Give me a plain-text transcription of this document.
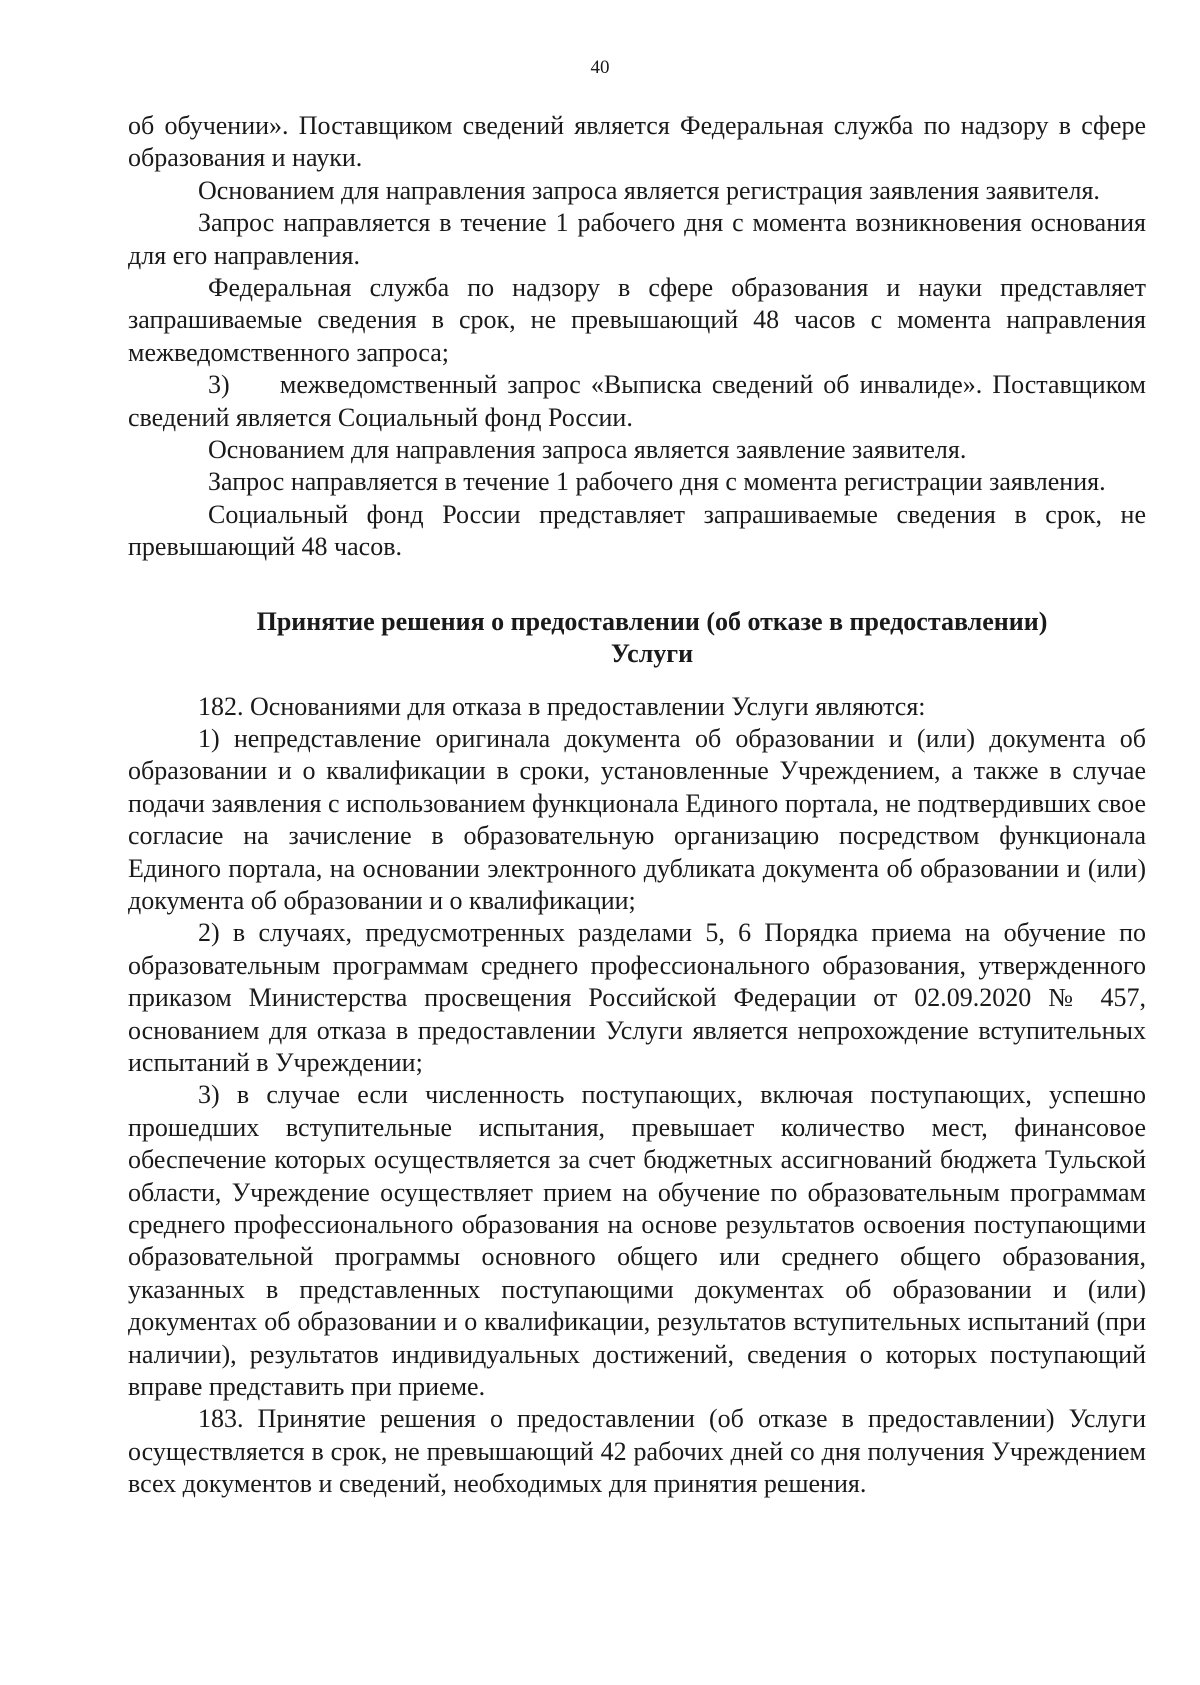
40

об обучении». Поставщиком сведений является Федеральная служба по надзору в сфере образования и науки.

Основанием для направления запроса является регистрация заявления заявителя.

Запрос направляется в течение 1 рабочего дня с момента возникновения основания для его направления.

Федеральная служба по надзору в сфере образования и науки представляет запрашиваемые сведения в срок, не превышающий 48 часов с момента направления межведомственного запроса;

3)     межведомственный запрос «Выписка сведений об инвалиде». Поставщиком сведений является Социальный фонд России.

Основанием для направления запроса является заявление заявителя.

Запрос направляется в течение 1 рабочего дня с момента регистрации заявления.

Социальный фонд России представляет запрашиваемые сведения в срок, не превышающий 48 часов.

Принятие решения о предоставлении (об отказе в предоставлении)
Услуги

182. Основаниями для отказа в предоставлении Услуги являются:

1) непредставление оригинала документа об образовании и (или) документа об образовании и о квалификации в сроки, установленные Учреждением, а также в случае подачи заявления с использованием функционала Единого портала, не подтвердивших свое согласие на зачисление в образовательную организацию посредством функционала Единого портала, на основании электронного дубликата документа об образовании и (или) документа об образовании и о квалификации;

2) в случаях, предусмотренных разделами 5, 6 Порядка приема на обучение по образовательным программам среднего профессионального образования, утвержденного приказом Министерства просвещения Российской Федерации от 02.09.2020 № 457, основанием для отказа в предоставлении Услуги является непрохождение вступительных испытаний в Учреждении;

3) в случае если численность поступающих, включая поступающих, успешно прошедших вступительные испытания, превышает количество мест, финансовое обеспечение которых осуществляется за счет бюджетных ассигнований бюджета Тульской области, Учреждение осуществляет прием на обучение по образовательным программам среднего профессионального образования на основе результатов освоения поступающими образовательной программы основного общего или среднего общего образования, указанных в представленных поступающими документах об образовании и (или) документах об образовании и о квалификации, результатов вступительных испытаний (при наличии), результатов индивидуальных достижений, сведения о которых поступающий вправе представить при приеме.

183. Принятие решения о предоставлении (об отказе в предоставлении) Услуги осуществляется в срок, не превышающий 42 рабочих дней со дня получения Учреждением всех документов и сведений, необходимых для принятия решения.
